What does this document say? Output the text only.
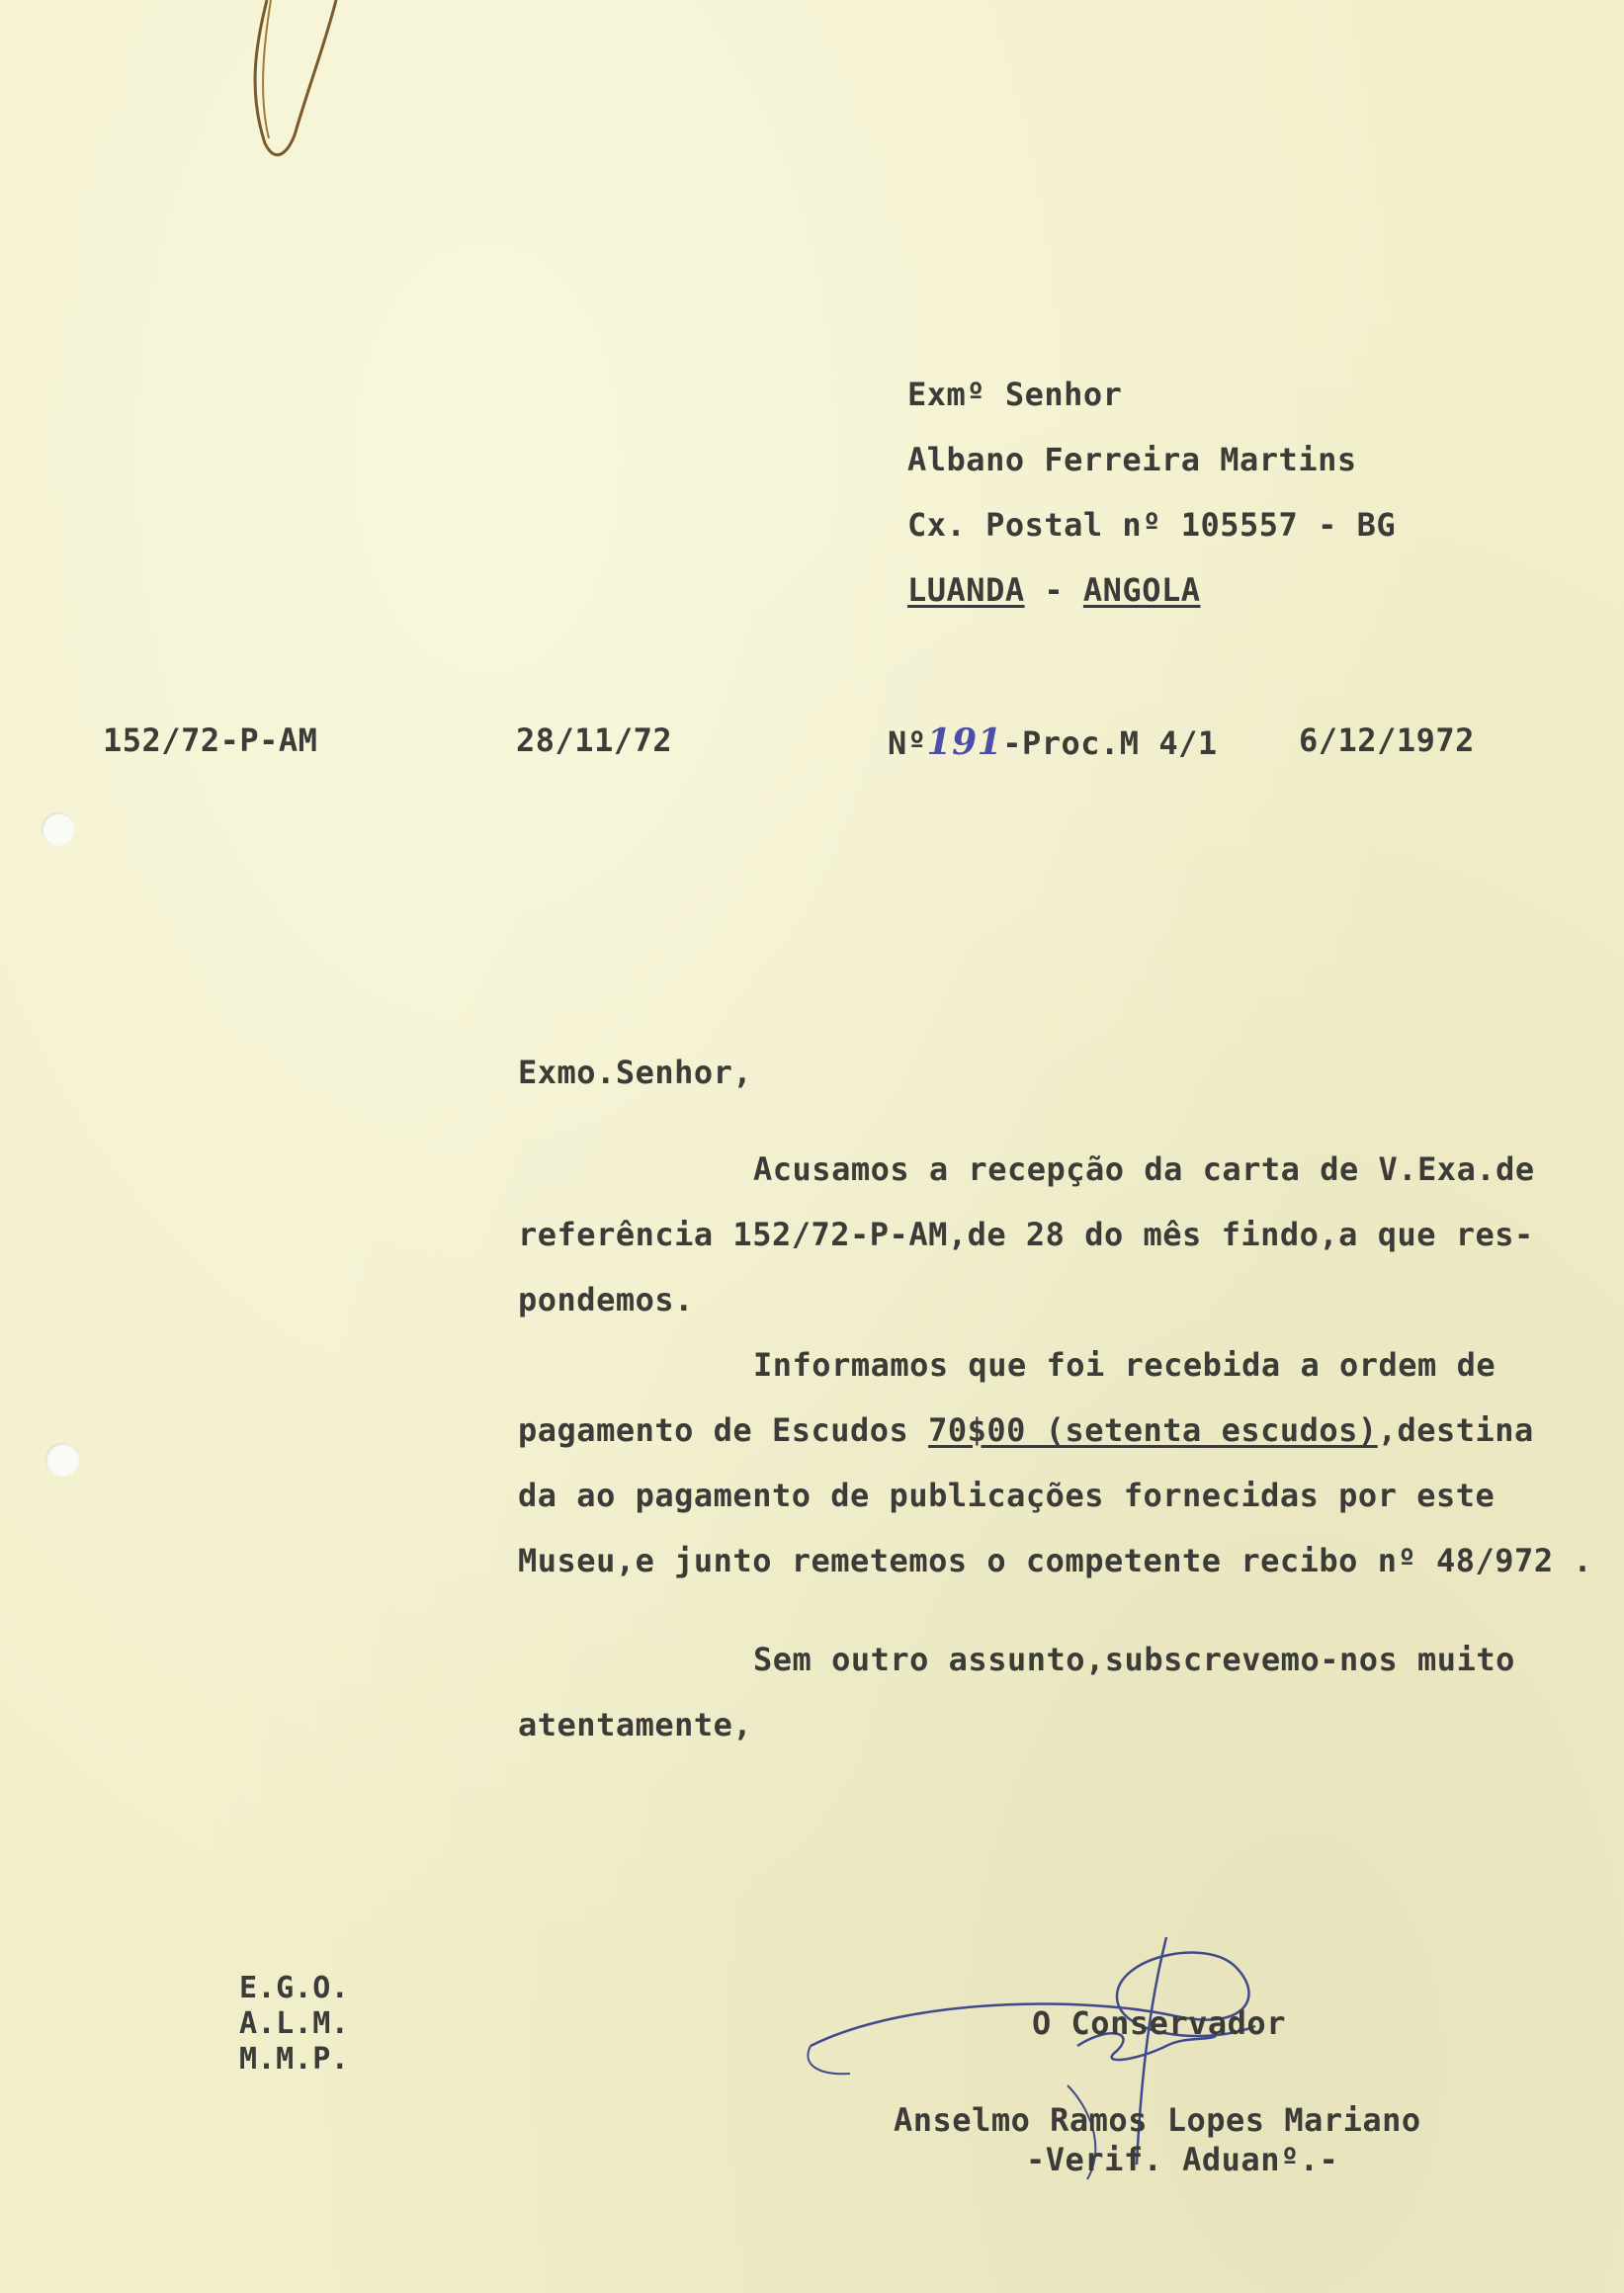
Exmº Senhor
Albano Ferreira Martins
Cx. Postal nº 105557 - BG
LUANDA - ANGOLA
152/72-P-AM	28/11/72	Nº191-Proc.M 4/1	6/12/1972
Exmo.Senhor,
Acusamos a recepção da carta de V.Exa.de
referência 152/72-P-AM,de 28 do mês findo,a que res-
pondemos.
Informamos que foi recebida a ordem de
pagamento de Escudos 70$00 (setenta escudos),destina
da ao pagamento de publicações fornecidas por este
Museu,e junto remetemos o competente recibo nº 48/972 .
Sem outro assunto,subscrevemo-nos muito
atentamente,
E.G.O.
A.L.M.
M.M.P.
O Conservador
Anselmo Ramos Lopes Mariano
-Verif. Aduanº.-
